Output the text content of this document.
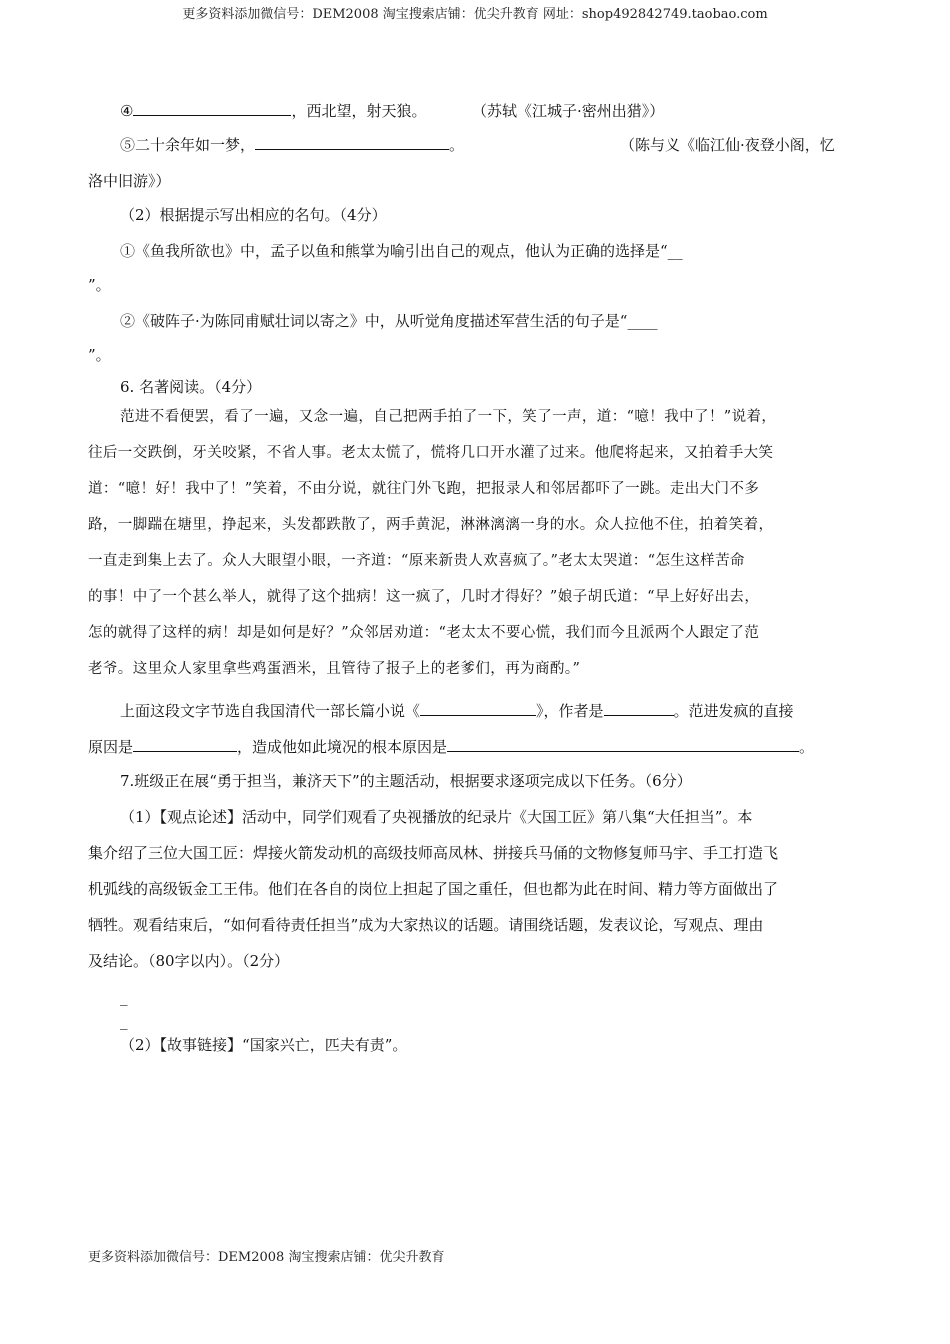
更多资料添加微信号：DEM2008 淘宝搜索店铺：优尖升教育 网址：shop492842749.taobao.com
④	，西北望，射天狼。	（苏轼《江城子·密州出猎》）
⑤二十余年如一梦，	。	（陈与义《临江仙·夜登小阁，忆
洛中旧游》）
（2）根据提示写出相应的名句。（4分）
①《鱼我所欲也》中，孟子以鱼和熊掌为喻引出自己的观点，他认为正确的选择是“__
”。
②《破阵子·为陈同甫赋壮词以寄之》中，从听觉角度描述军营生活的句子是“____
”。
6. 名著阅读。（4分）
范进不看便罢，看了一遍，又念一遍，自己把两手拍了一下，笑了一声，道：“噫！我中了！”说着，
往后一交跌倒，牙关咬紧，不省人事。老太太慌了，慌将几口开水灌了过来。他爬将起来，又拍着手大笑
道：“噫！好！我中了！”笑着，不由分说，就往门外飞跑，把报录人和邻居都吓了一跳。走出大门不多
路，一脚踹在塘里，挣起来，头发都跌散了，两手黄泥，淋淋漓漓一身的水。众人拉他不住，拍着笑着，
一直走到集上去了。众人大眼望小眼，一齐道：“原来新贵人欢喜疯了。”老太太哭道：“怎生这样苦命
的事！中了一个甚么举人，就得了这个拙病！这一疯了，几时才得好？”娘子胡氏道：“早上好好出去，
怎的就得了这样的病！却是如何是好？”众邻居劝道：“老太太不要心慌，我们而今且派两个人跟定了范
老爷。这里众人家里拿些鸡蛋酒米，且管待了报子上的老爹们，再为商酌。”
上面这段文字节选自我国清代一部长篇小说《	》，作者是	。范进发疯的直接
原因是	，造成他如此境况的根本原因是	。
7.班级正在展“勇于担当，兼济天下”的主题活动，根据要求逐项完成以下任务。（6分）
（1）【观点论述】活动中，同学们观看了央视播放的纪录片《大国工匠》第八集“大任担当”。本
集介绍了三位大国工匠：焊接火箭发动机的高级技师高凤林、拼接兵马俑的文物修复师马宇、手工打造飞
机弧线的高级钣金工王伟。他们在各自的岗位上担起了国之重任，但也都为此在时间、精力等方面做出了
牺牲。观看结束后，“如何看待责任担当”成为大家热议的话题。请围绕话题，发表议论，写观点、理由
及结论。（80字以内）。（2分）
_
_
（2）【故事链接】“国家兴亡，匹夫有责”。
更多资料添加微信号：DEM2008 淘宝搜索店铺：优尖升教育
